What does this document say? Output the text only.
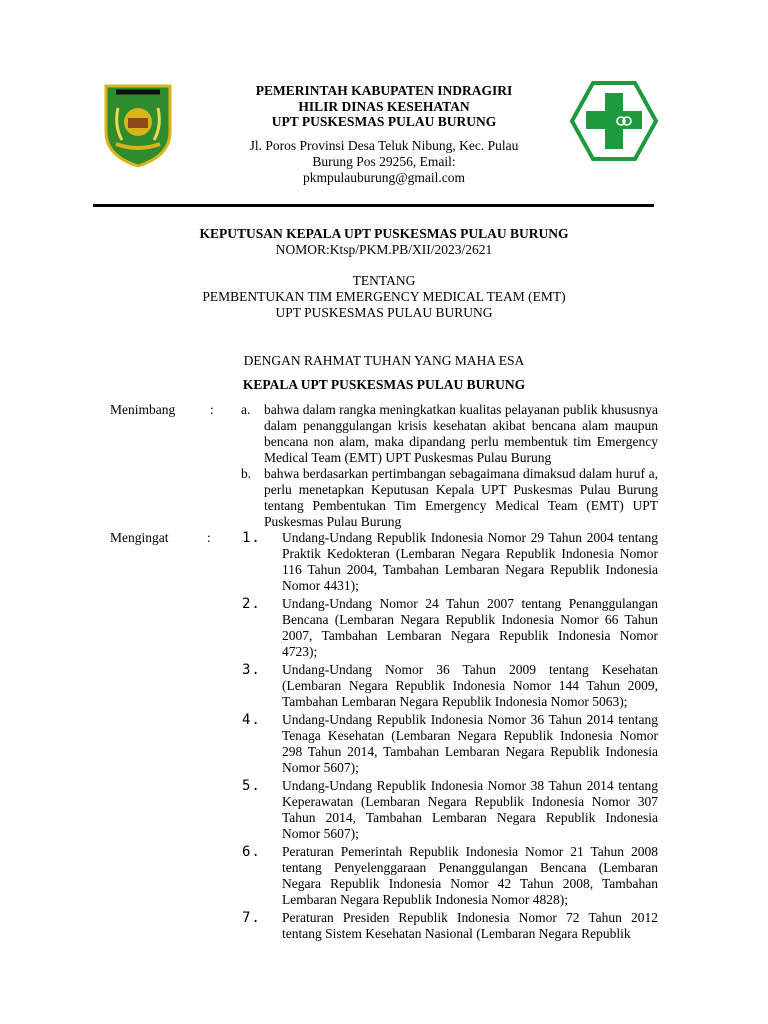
PEMERINTAH KABUPATEN INDRAGIRI
HILIR DINAS KESEHATAN
UPT PUSKESMAS PULAU BURUNG
Jl. Poros Provinsi Desa Teluk Nibung, Kec. Pulau
Burung Pos 29256, Email:
pkmpulauburung@gmail.com
KEPUTUSAN KEPALA UPT PUSKESMAS PULAU BURUNG
NOMOR:Ktsp/PKM.PB/XII/2023/2621
TENTANG
PEMBENTUKAN TIM EMERGENCY MEDICAL TEAM (EMT)
UPT PUSKESMAS PULAU BURUNG
DENGAN RAHMAT TUHAN YANG MAHA ESA
KEPALA UPT PUSKESMAS PULAU BURUNG
Menimbang	: a. bahwa dalam rangka meningkatkan kualitas pelayanan publik khususnya dalam penanggulangan krisis kesehatan akibat bencana alam maupun bencana non alam, maka dipandang perlu membentuk tim Emergency Medical Team (EMT) UPT Puskesmas Pulau Burung
b. bahwa berdasarkan pertimbangan sebagaimana dimaksud dalam huruf a, perlu menetapkan Keputusan Kepala UPT Puskesmas Pulau Burung tentang Pembentukan Tim Emergency Medical Team (EMT) UPT Puskesmas Pulau Burung
Mengingat	: 1. Undang-Undang Republik Indonesia Nomor 29 Tahun 2004 tentang Praktik Kedokteran (Lembaran Negara Republik Indonesia Nomor 116 Tahun 2004, Tambahan Lembaran Negara Republik Indonesia Nomor 4431);
2. Undang-Undang Nomor 24 Tahun 2007 tentang Penanggulangan Bencana (Lembaran Negara Republik Indonesia Nomor 66 Tahun 2007, Tambahan Lembaran Negara Republik Indonesia Nomor 4723);
3. Undang-Undang Nomor 36 Tahun 2009 tentang Kesehatan (Lembaran Negara Republik Indonesia Nomor 144 Tahun 2009, Tambahan Lembaran Negara Republik Indonesia Nomor 5063);
4. Undang-Undang Republik Indonesia Nomor 36 Tahun 2014 tentang Tenaga Kesehatan (Lembaran Negara Republik Indonesia Nomor 298 Tahun 2014, Tambahan Lembaran Negara Republik Indonesia Nomor 5607);
5. Undang-Undang Republik Indonesia Nomor 38 Tahun 2014 tentang Keperawatan (Lembaran Negara Republik Indonesia Nomor 307 Tahun 2014, Tambahan Lembaran Negara Republik Indonesia Nomor 5607);
6. Peraturan Pemerintah Republik Indonesia Nomor 21 Tahun 2008 tentang Penyelenggaraan Penanggulangan Bencana (Lembaran Negara Republik Indonesia Nomor 42 Tahun 2008, Tambahan Lembaran Negara Republik Indonesia Nomor 4828);
7. Peraturan Presiden Republik Indonesia Nomor 72 Tahun 2012 tentang Sistem Kesehatan Nasional (Lembaran Negara Republik
